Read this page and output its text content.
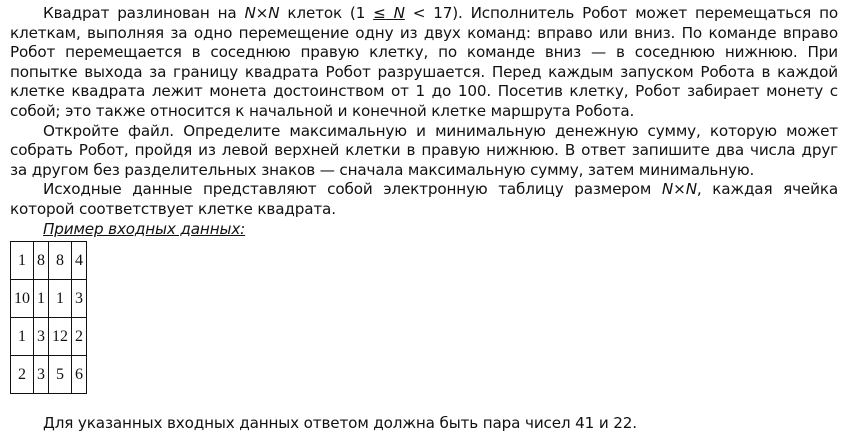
Квадрат разлинован на N×N клеток (1 ≤ N < 17). Исполнитель Робот может перемещаться по клеткам, выполняя за одно перемещение одну из двух команд: вправо или вниз. По команде вправо Робот перемещается в соседнюю правую клетку, по команде вниз — в соседнюю нижнюю. При попытке выхода за границу квадрата Робот разрушается. Перед каждым запуском Робота в каждой клетке квадрата лежит монета достоинством от 1 до 100. Посетив клетку, Робот забирает монету с собой; это также относится к начальной и конечной клетке маршрута Робота.

Откройте файл. Определите максимальную и минимальную денежную сумму, которую может собрать Робот, пройдя из левой верхней клетки в правую нижнюю. В ответ запишите два числа друг за другом без разделительных знаков — сначала максимальную сумму, затем минимальную.

Исходные данные представляют собой электронную таблицу размером N×N, каждая ячейка которой соответствует клетке квадрата.

Пример входных данных:

1	8	8	4
10	1	1	3
1	3	12	2
2	3	5	6

Для указанных входных данных ответом должна быть пара чисел 41 и 22.
